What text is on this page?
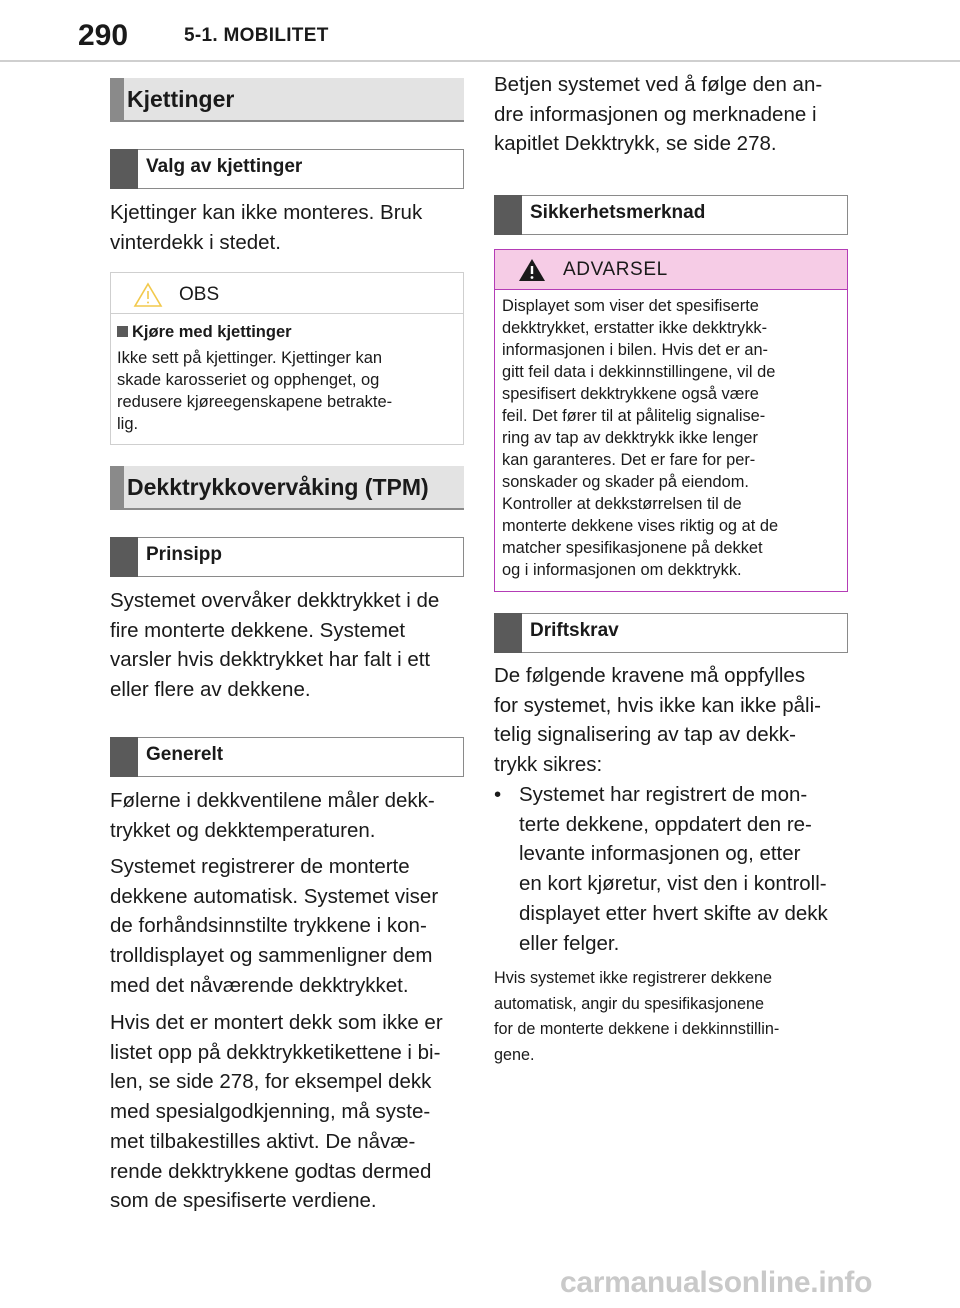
290	5-1. MOBILITET
Kjettinger
Valg av kjettinger
Kjettinger kan ikke monteres. Bruk
vinterdekk i stedet.
OBS
Kjøre med kjettinger
Ikke sett på kjettinger. Kjettinger kan
skade karosseriet og opphenget, og
redusere kjøreegenskapene betrakte-
lig.
Dekktrykkovervåking (TPM)
Prinsipp
Systemet overvåker dekktrykket i de
fire monterte dekkene. Systemet
varsler hvis dekktrykket har falt i ett
eller flere av dekkene.
Generelt
Følerne i dekkventilene måler dekk-
trykket og dekktemperaturen.
Systemet registrerer de monterte
dekkene automatisk. Systemet viser
de forhåndsinnstilte trykkene i kon-
trolldisplayet og sammenligner dem
med det nåværende dekktrykket.
Hvis det er montert dekk som ikke er
listet opp på dekktrykketikettene i bi-
len, se side 278, for eksempel dekk
med spesialgodkjenning, må syste-
met tilbakestilles aktivt. De nåvæ-
rende dekktrykkene godtas dermed
som de spesifiserte verdiene.
Betjen systemet ved å følge den an-
dre informasjonen og merknadene i
kapitlet Dekktrykk, se side 278.
Sikkerhetsmerknad
ADVARSEL
Displayet som viser det spesifiserte
dekktrykket, erstatter ikke dekktrykk-
informasjonen i bilen. Hvis det er an-
gitt feil data i dekkinnstillingene, vil de
spesifisert dekktrykkene også være
feil. Det fører til at pålitelig signalise-
ring av tap av dekktrykk ikke lenger
kan garanteres. Det er fare for per-
sonskader og skader på eiendom.
Kontroller at dekkstørrelsen til de
monterte dekkene vises riktig og at de
matcher spesifikasjonene på dekket
og i informasjonen om dekktrykk.
Driftskrav
De følgende kravene må oppfylles
for systemet, hvis ikke kan ikke påli-
telig signalisering av tap av dekk-
trykk sikres:
• Systemet har registrert de mon-
terte dekkene, oppdatert den re-
levante informasjonen og, etter
en kort kjøretur, vist den i kontroll-
displayet etter hvert skifte av dekk
eller felger.
Hvis systemet ikke registrerer dekkene
automatisk, angir du spesifikasjonene
for de monterte dekkene i dekkinnstillin-
gene.
carmanualsonline.info
